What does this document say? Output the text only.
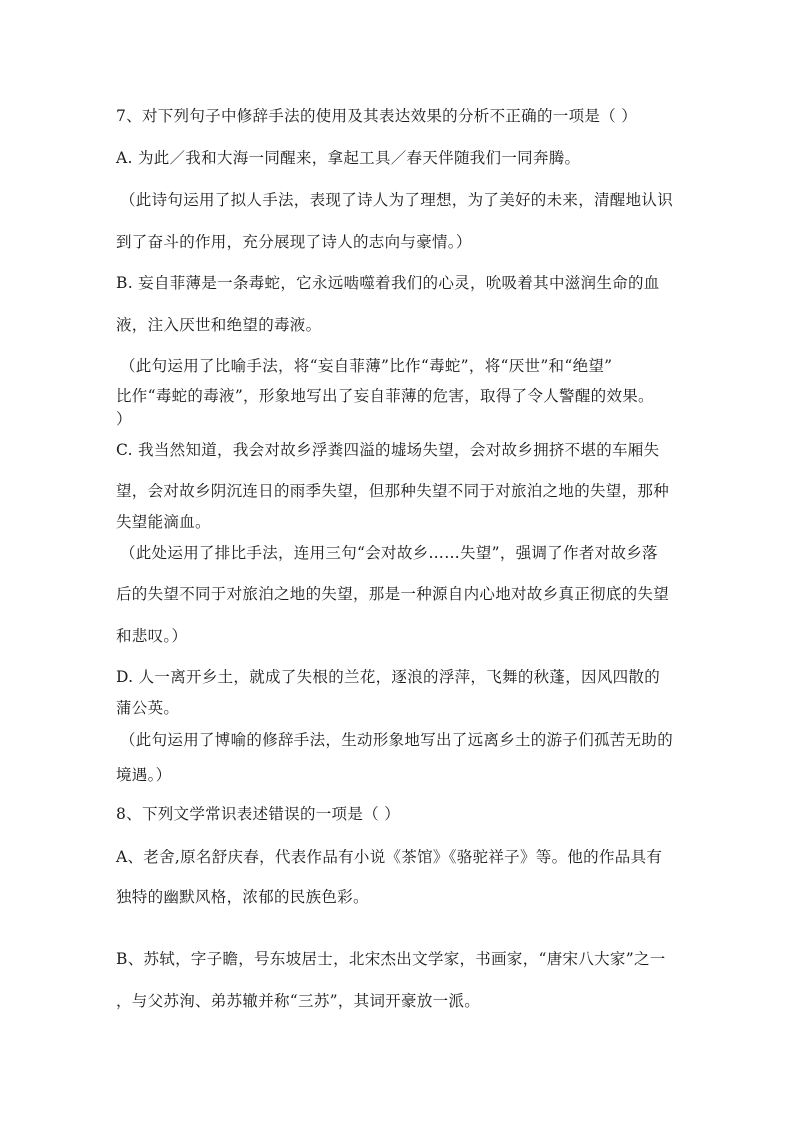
7、对下列句子中修辞手法的使用及其表达效果的分析不正确的一项是（ ）
A. 为此／我和大海一同醒来，拿起工具／春天伴随我们一同奔腾。
（此诗句运用了拟人手法，表现了诗人为了理想，为了美好的未来，清醒地认识
到了奋斗的作用，充分展现了诗人的志向与豪情。）
B. 妄自菲薄是一条毒蛇，它永远啮噬着我们的心灵，吮吸着其中滋润生命的血
液，注入厌世和绝望的毒液。
（此句运用了比喻手法，将“妄自菲薄”比作“毒蛇”，将“厌世”和“绝望”
比作“毒蛇的毒液”，形象地写出了妄自菲薄的危害，取得了令人警醒的效果。
）
C. 我当然知道，我会对故乡浮粪四溢的墟场失望，会对故乡拥挤不堪的车厢失
望，会对故乡阴沉连日的雨季失望，但那种失望不同于对旅泊之地的失望，那种
失望能滴血。
（此处运用了排比手法，连用三句“会对故乡……失望”，强调了作者对故乡落
后的失望不同于对旅泊之地的失望，那是一种源自内心地对故乡真正彻底的失望
和悲叹。）
D. 人一离开乡土，就成了失根的兰花，逐浪的浮萍，飞舞的秋蓬，因风四散的
蒲公英。
（此句运用了博喻的修辞手法，生动形象地写出了远离乡土的游子们孤苦无助的
境遇。）
8、下列文学常识表述错误的一项是（ ）
A、老舍,原名舒庆春，代表作品有小说《茶馆》《骆驼祥子》等。他的作品具有
独特的幽默风格，浓郁的民族色彩。
B、苏轼，字子瞻，号东坡居士，北宋杰出文学家，书画家，“唐宋八大家”之一
，与父苏洵、弟苏辙并称“三苏”，其词开豪放一派。
